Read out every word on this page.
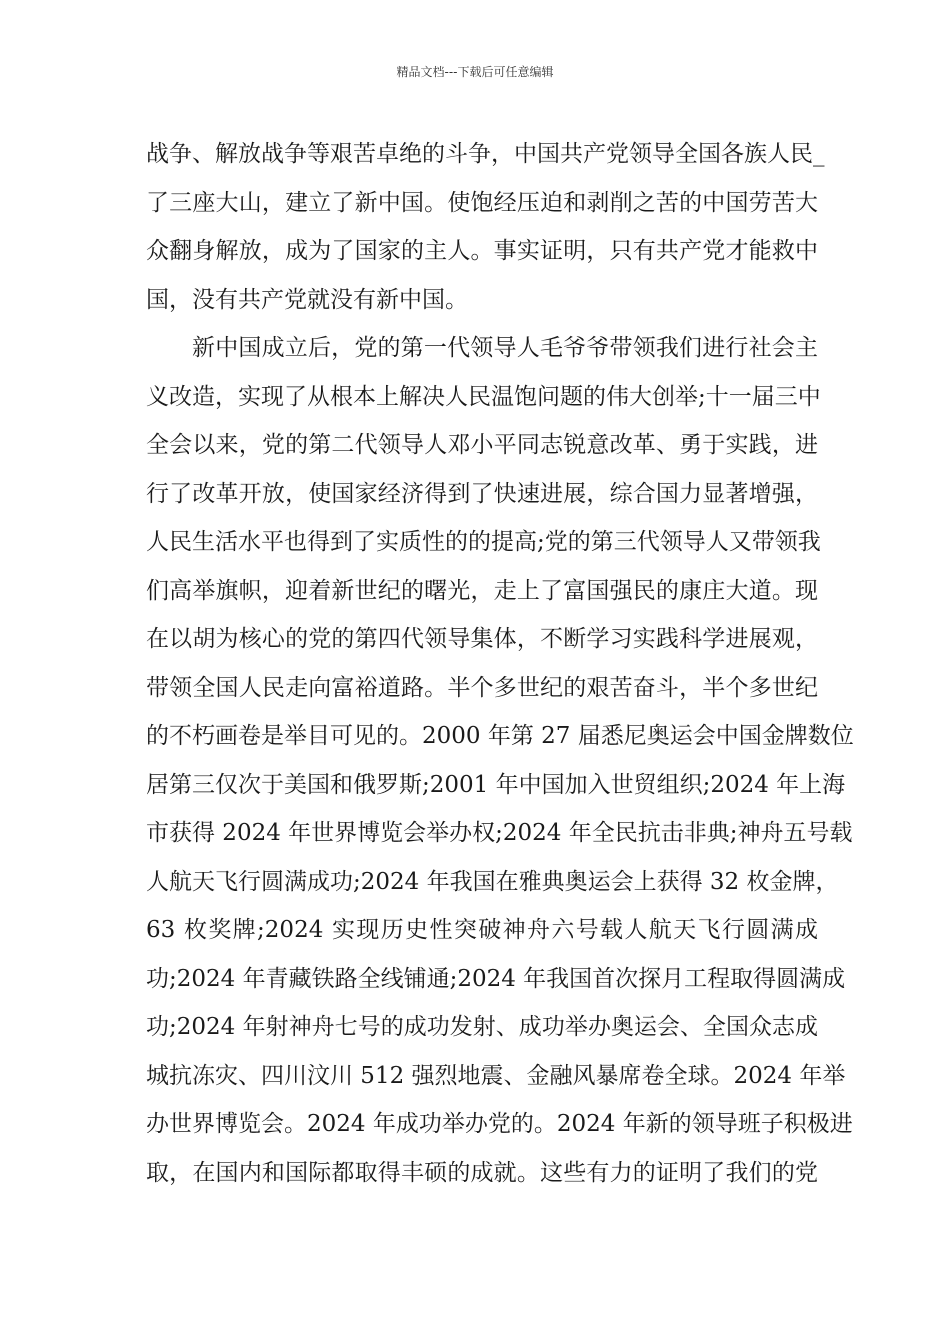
精品文档---下载后可任意编辑
战争、解放战争等艰苦卓绝的斗争，中国共产党领导全国各族人民_
了三座大山，建立了新中国。使饱经压迫和剥削之苦的中国劳苦大
众翻身解放，成为了国家的主人。事实证明，只有共产党才能救中
国，没有共产党就没有新中国。
新中国成立后，党的第一代领导人毛爷爷带领我们进行社会主
义改造，实现了从根本上解决人民温饱问题的伟大创举;十一届三中
全会以来，党的第二代领导人邓小平同志锐意改革、勇于实践，进
行了改革开放，使国家经济得到了快速进展，综合国力显著增强，
人民生活水平也得到了实质性的的提高;党的第三代领导人又带领我
们高举旗帜，迎着新世纪的曙光，走上了富国强民的康庄大道。现
在以胡为核心的党的第四代领导集体，不断学习实践科学进展观，
带领全国人民走向富裕道路。半个多世纪的艰苦奋斗，半个多世纪
的不朽画卷是举目可见的。2000 年第 27 届悉尼奥运会中国金牌数位
居第三仅次于美国和俄罗斯;2001 年中国加入世贸组织;2024 年上海
市获得 2024 年世界博览会举办权;2024 年全民抗击非典;神舟五号载
人航天飞行圆满成功;2024 年我国在雅典奥运会上获得 32 枚金牌，
63 枚奖牌;2024 实现历史性突破神舟六号载人航天飞行圆满成
功;2024 年青藏铁路全线铺通;2024 年我国首次探月工程取得圆满成
功;2024 年射神舟七号的成功发射、成功举办奥运会、全国众志成
城抗冻灾、四川汶川 512 强烈地震、金融风暴席卷全球。2024 年举
办世界博览会。2024 年成功举办党的。2024 年新的领导班子积极进
取，在国内和国际都取得丰硕的成就。这些有力的证明了我们的党
